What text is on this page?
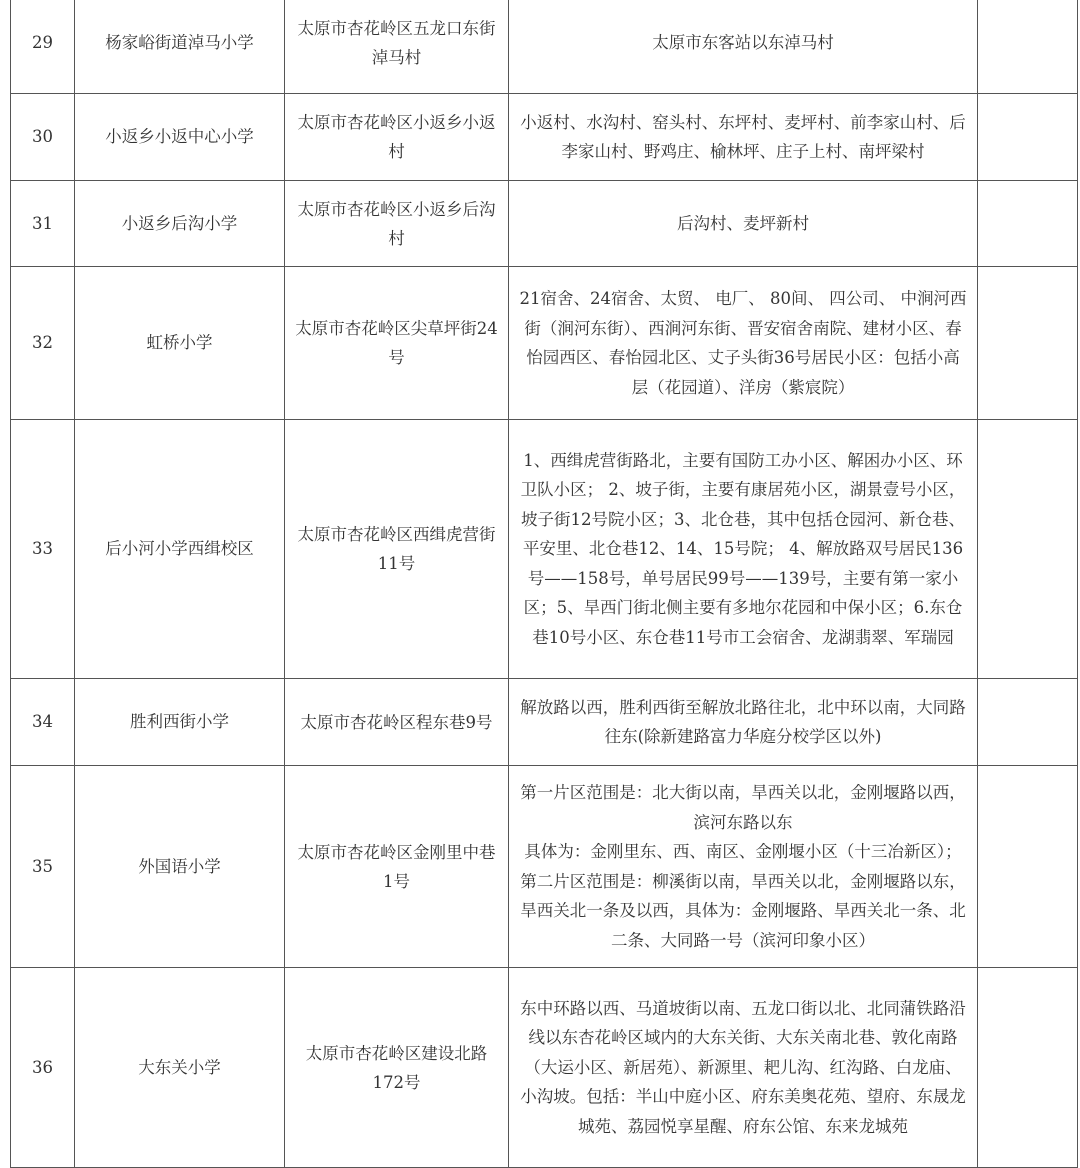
29	杨家峪街道淖马小学	太原市杏花岭区五龙口东街淖马村	太原市东客站以东淖马村	
30	小返乡小返中心小学	太原市杏花岭区小返乡小返村	小返村、水沟村、窑头村、东坪村、麦坪村、前李家山村、后李家山村、野鸡庄、榆林坪、庄子上村、南坪梁村	
31	小返乡后沟小学	太原市杏花岭区小返乡后沟村	后沟村、麦坪新村	
32	虹桥小学	太原市杏花岭区尖草坪街24号	21宿舍、24宿舍、太贸、 电厂、 80间、 四公司、 中涧河西街（涧河东街）、西涧河东街、晋安宿舍南院、建材小区、春怡园西区、春怡园北区、丈子头街36号居民小区：包括小高层（花园道）、洋房（紫宸院）	
33	后小河小学西缉校区	太原市杏花岭区西缉虎营街11号	1、西缉虎营街路北，主要有国防工办小区、解困办小区、环卫队小区； 2、坡子街，主要有康居苑小区，湖景壹号小区，坡子街12号院小区；3、北仓巷，其中包括仓园河、新仓巷、平安里、北仓巷12、14、15号院； 4、解放路双号居民136号——158号，单号居民99号——139号，主要有第一家小区；5、旱西门街北侧主要有多地尔花园和中保小区；6.东仓巷10号小区、东仓巷11号市工会宿舍、龙湖翡翠、军瑞园	
34	胜利西街小学	太原市杏花岭区程东巷9号	解放路以西，胜利西街至解放北路往北，北中环以南，大同路往东(除新建路富力华庭分校学区以外)	
35	外国语小学	太原市杏花岭区金刚里中巷1号	第一片区范围是：北大街以南，旱西关以北，金刚堰路以西，滨河东路以东
具体为：金刚里东、西、南区、金刚堰小区（十三冶新区）；第二片区范围是：柳溪街以南，旱西关以北，金刚堰路以东，旱西关北一条及以西，具体为：金刚堰路、旱西关北一条、北二条、大同路一号（滨河印象小区）	

36	大东关小学	太原市杏花岭区建设北路172号	东中环路以西、马道坡街以南、五龙口街以北、北同蒲铁路沿线以东杏花岭区域内的大东关街、大东关南北巷、敦化南路（大运小区、新居苑）、新源里、耙儿沟、红沟路、白龙庙、小沟坡。包括：半山中庭小区、府东美奥花苑、望府、东晟龙城苑、荔园悦享星醒、府东公馆、东来龙城苑	
